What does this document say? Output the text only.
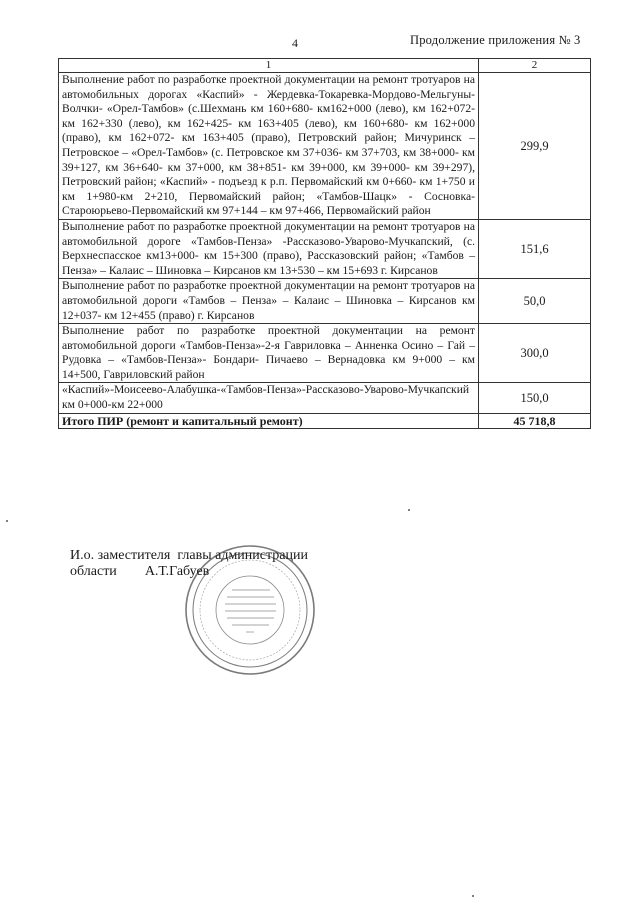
4	Продолжение приложения № 3
1	2
Выполнение работ по разработке проектной документации на ремонт тротуаров на автомобильных дорогах «Каспий» - Жердевка-Токаревка-Мордово-Мельгуны-Волчки- «Орел-Тамбов» (с.Шехмань км 160+680- км162+000 (лево), км 162+072- км 162+330 (лево), км 162+425- км 163+405 (лево), км 160+680- км 162+000 (право), км 162+072- км 163+405 (право), Петровский район; Мичуринск – Петровское – «Орел-Тамбов» (с. Петровское км 37+036- км 37+703, км 38+000- км 39+127, км 36+640- км 37+000, км 38+851- км 39+000, км 39+000- км 39+297), Петровский район; «Каспий» - подъезд к р.п. Первомайский км 0+660- км 1+750 и км 1+980-км 2+210, Первомайский район; «Тамбов-Шацк» - Сосновка-Староюрьево-Первомайский км 97+144 – км 97+466, Первомайский район	299,9
Выполнение работ по разработке проектной документации на ремонт тротуаров на автомобильной дороге «Тамбов-Пенза» -Рассказово-Уварово-Мучкапский, (с. Верхнеспасское км13+000- км 15+300 (право), Рассказовский район; «Тамбов – Пенза» – Калаис – Шиновка – Кирсанов км 13+530 – км 15+693 г. Кирсанов	151,6
Выполнение работ по разработке проектной документации на ремонт тротуаров на автомобильной дороги «Тамбов – Пенза» – Калаис – Шиновка – Кирсанов км 12+037- км 12+455 (право) г. Кирсанов	50,0
Выполнение работ по разработке проектной документации на ремонт автомобильной дороги «Тамбов-Пенза»-2-я Гавриловка – Анненка Осино – Гай – Рудовка – «Тамбов-Пенза»- Бондари- Пичаево – Вернадовка км 9+000 – км 14+500, Гавриловский район	300,0
«Каспий»-Моисеево-Алабушка-«Тамбов-Пенза»-Рассказово-Уварово-Мучкапский км 0+000-км 22+000	150,0
Итого ПИР (ремонт и капитальный ремонт)	45 718,8
И.о. заместителя  главы администрации
области А.Т.Габуев
